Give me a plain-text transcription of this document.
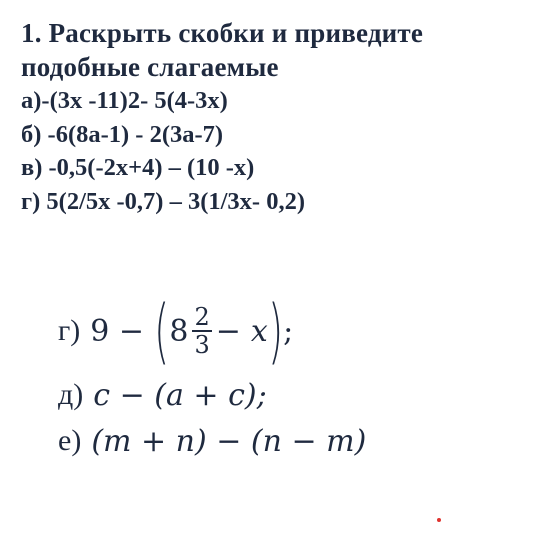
1. Раскрыть скобки и приведите

подобные слагаемые

а)-(3х -11)2- 5(4-3х)

б) -6(8а-1) - 2(3а-7)

в) -0,5(-2х+4) – (10 -х)

г) 5(2/5х -0,7) – 3(1/3х- 0,2)

г) 9 − ( $8 \frac{2}{3} - x$ ) ;
д) c − (a + c);
е) (m + n) − (n − m)
